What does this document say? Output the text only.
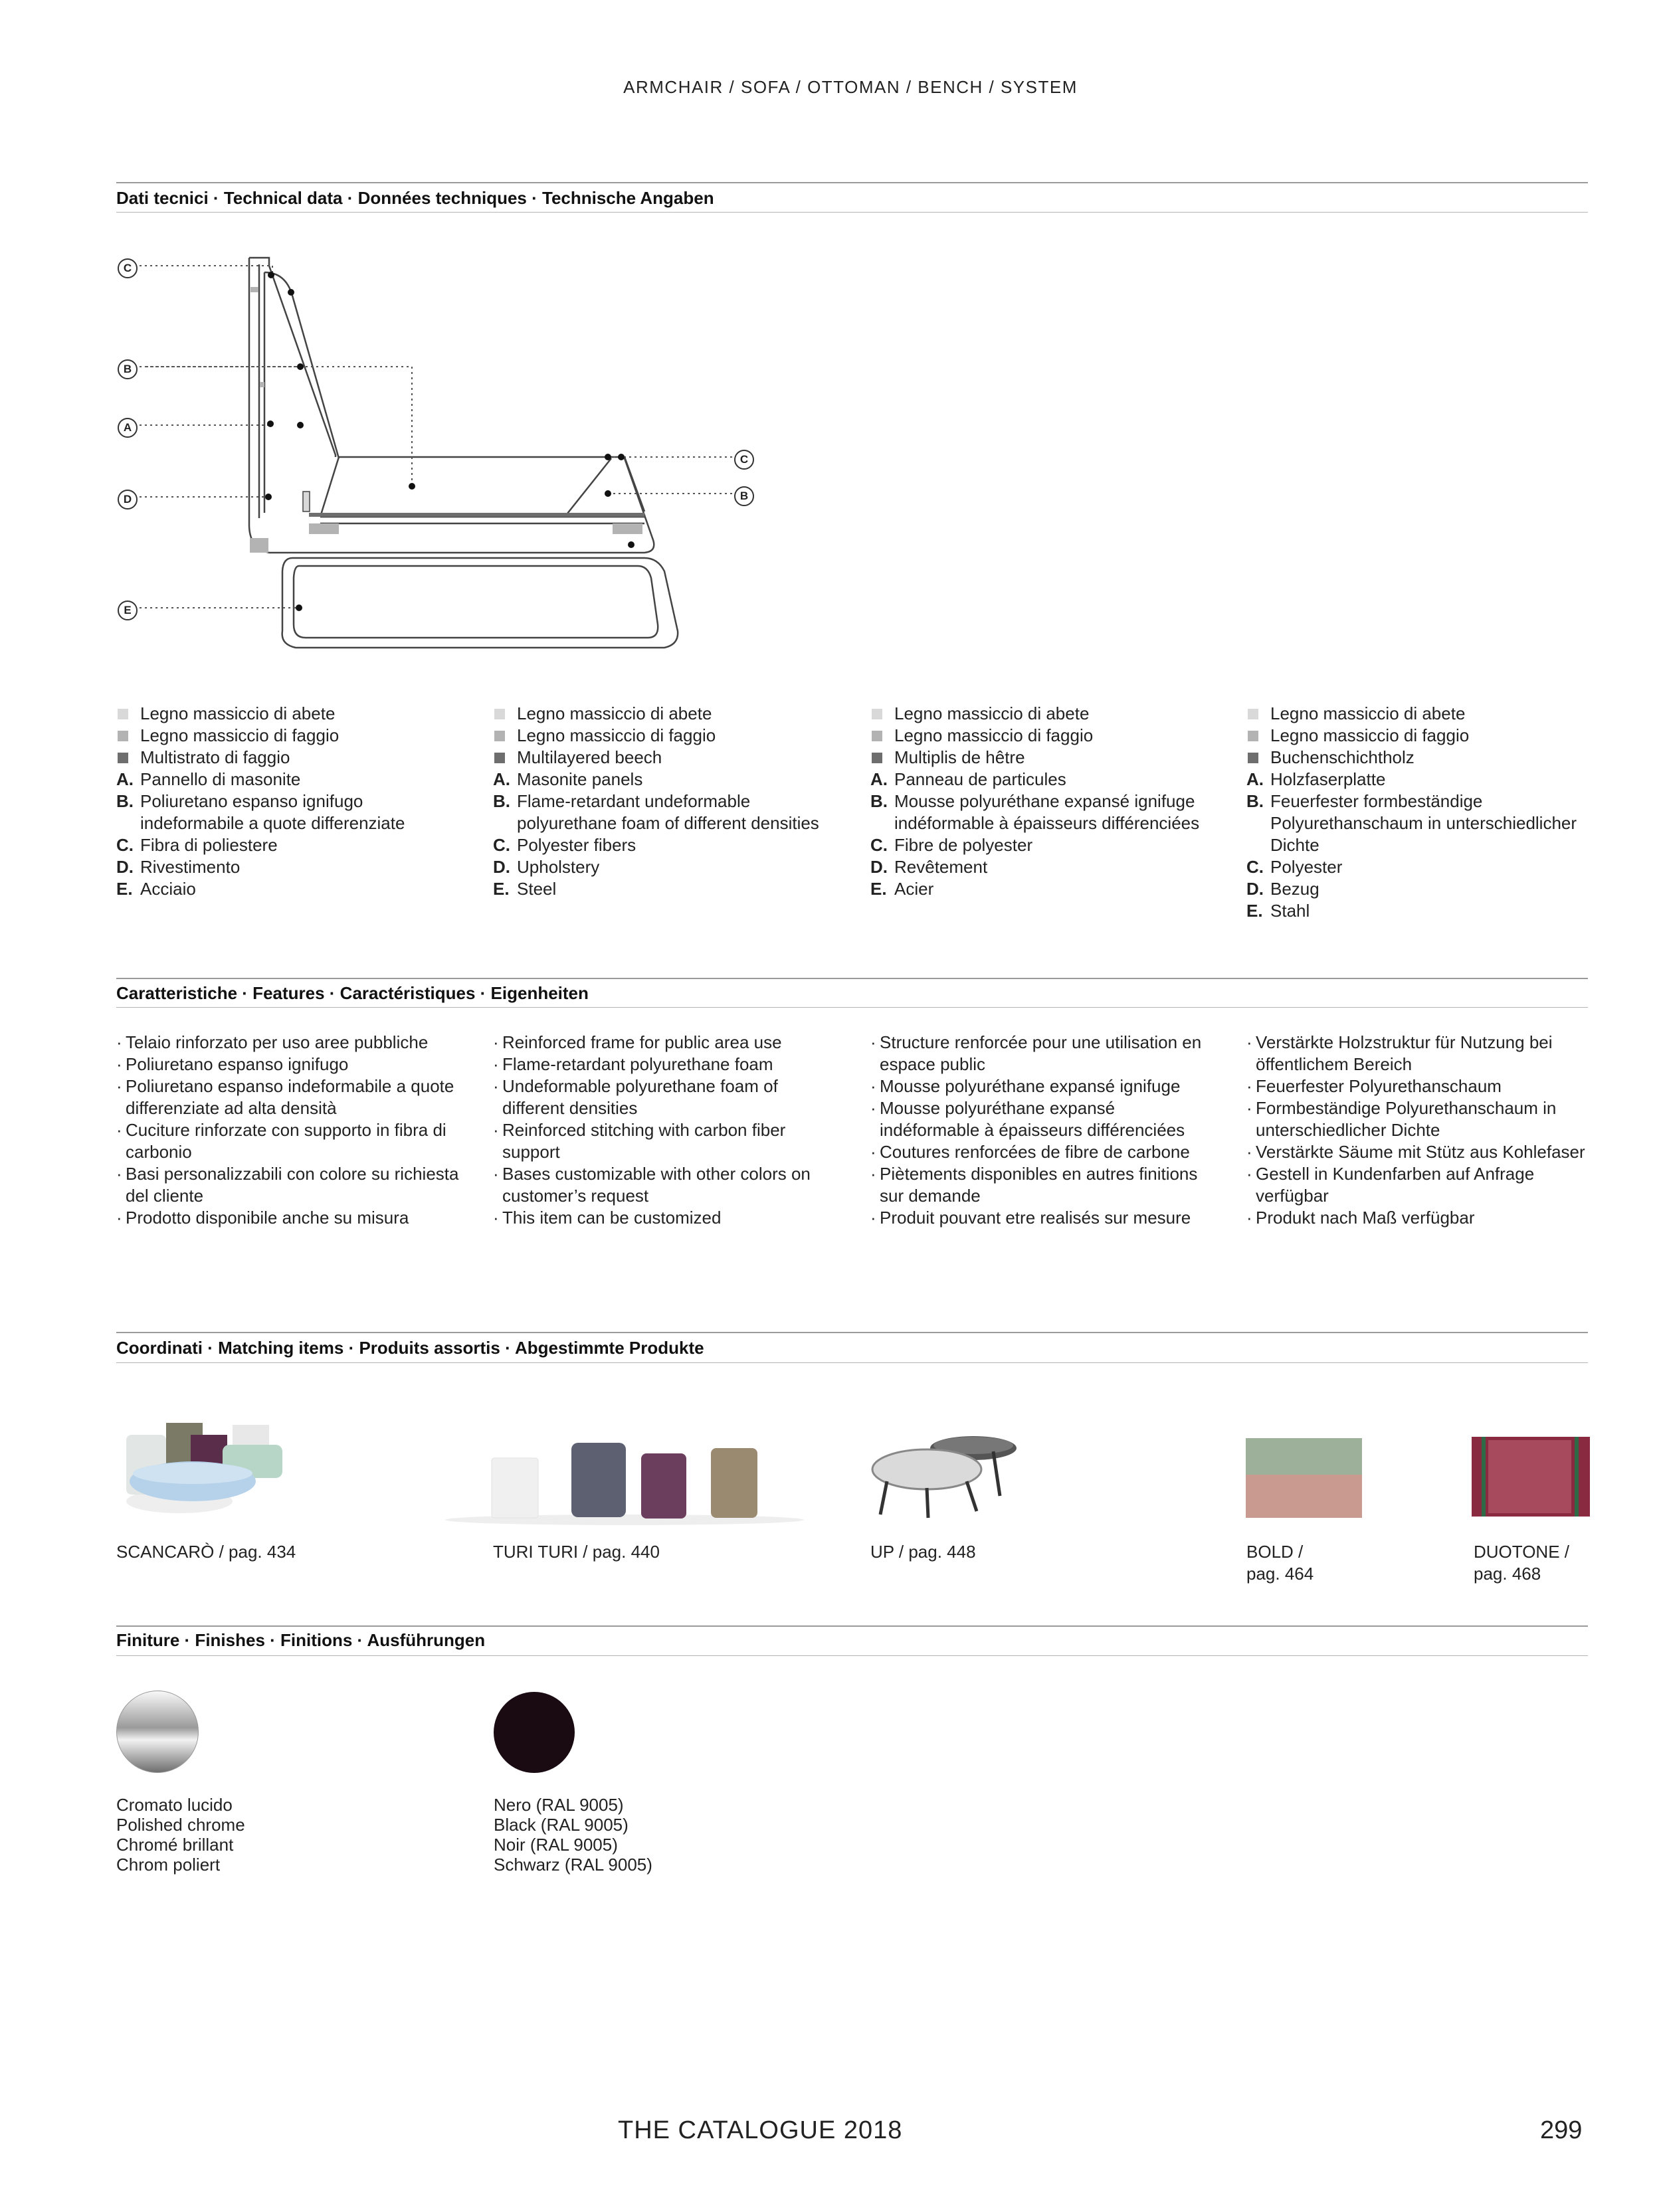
ARMCHAIR / SOFA / OTTOMAN / BENCH / SYSTEM
Dati tecnici · Technical data · Données techniques · Technische Angaben
C
B
A
D
E
C
B
Legno massiccio di abete
Legno massiccio di faggio
Multistrato di faggio
A. Pannello di masonite
B. Poliuretano espanso ignifugo indeformabile a quote differenziate
C. Fibra di poliestere
D. Rivestimento
E. Acciaio
Legno massiccio di abete
Legno massiccio di faggio
Multilayered beech
A. Masonite panels
B. Flame-retardant undeformable polyurethane foam of different densities
C. Polyester fibers
D. Upholstery
E. Steel
Legno massiccio di abete
Legno massiccio di faggio
Multiplis de hêtre
A. Panneau de particules
B. Mousse polyuréthane expansé ignifuge indéformable à épaisseurs différenciées
C. Fibre de polyester
D. Revêtement
E. Acier
Legno massiccio di abete
Legno massiccio di faggio
Buchenschichtholz
A. Holzfaserplatte
B. Feuerfester formbeständige Polyurethanschaum in unterschiedlicher Dichte
C. Polyester
D. Bezug
E. Stahl
Caratteristiche · Features · Caractéristiques · Eigenheiten
· Telaio rinforzato per uso aree pubbliche
· Poliuretano espanso ignifugo
· Poliuretano espanso indeformabile a quote differenziate ad alta densità
· Cuciture rinforzate con supporto in fibra di carbonio
· Basi personalizzabili con colore su richiesta del cliente
· Prodotto disponibile anche su misura
· Reinforced frame for public area use
· Flame-retardant polyurethane foam
· Undeformable polyurethane foam of different densities
· Reinforced stitching with carbon fiber support
· Bases customizable with other colors on customer’s request
· This item can be customized
· Structure renforcée pour une utilisation en espace public
· Mousse polyuréthane expansé ignifuge
· Mousse polyuréthane expansé indéformable à épaisseurs différenciées
· Coutures renforcées de fibre de carbone
· Piètements disponibles en autres finitions sur demande
· Produit pouvant etre realisés sur mesure
· Verstärkte Holzstruktur für Nutzung bei öffentlichem Bereich
· Feuerfester Polyurethanschaum
· Formbeständige Polyurethanschaum in unterschiedlicher Dichte
· Verstärkte Säume mit Stütz aus Kohlefaser
· Gestell in Kundenfarben auf Anfrage verfügbar
· Produkt nach Maß verfügbar
Coordinati · Matching items · Produits assortis · Abgestimmte Produkte
SCANCARÒ / pag. 434	TURI TURI / pag. 440	UP / pag. 448	BOLD /
pag. 464
DUOTONE /
pag. 468
Finiture · Finishes · Finitions · Ausführungen
Cromato lucido
Polished chrome
Chromé brillant
Chrom poliert
Nero (RAL 9005)
Black (RAL 9005)
Noir (RAL 9005)
Schwarz (RAL 9005)
THE CATALOGUE 2018	299
